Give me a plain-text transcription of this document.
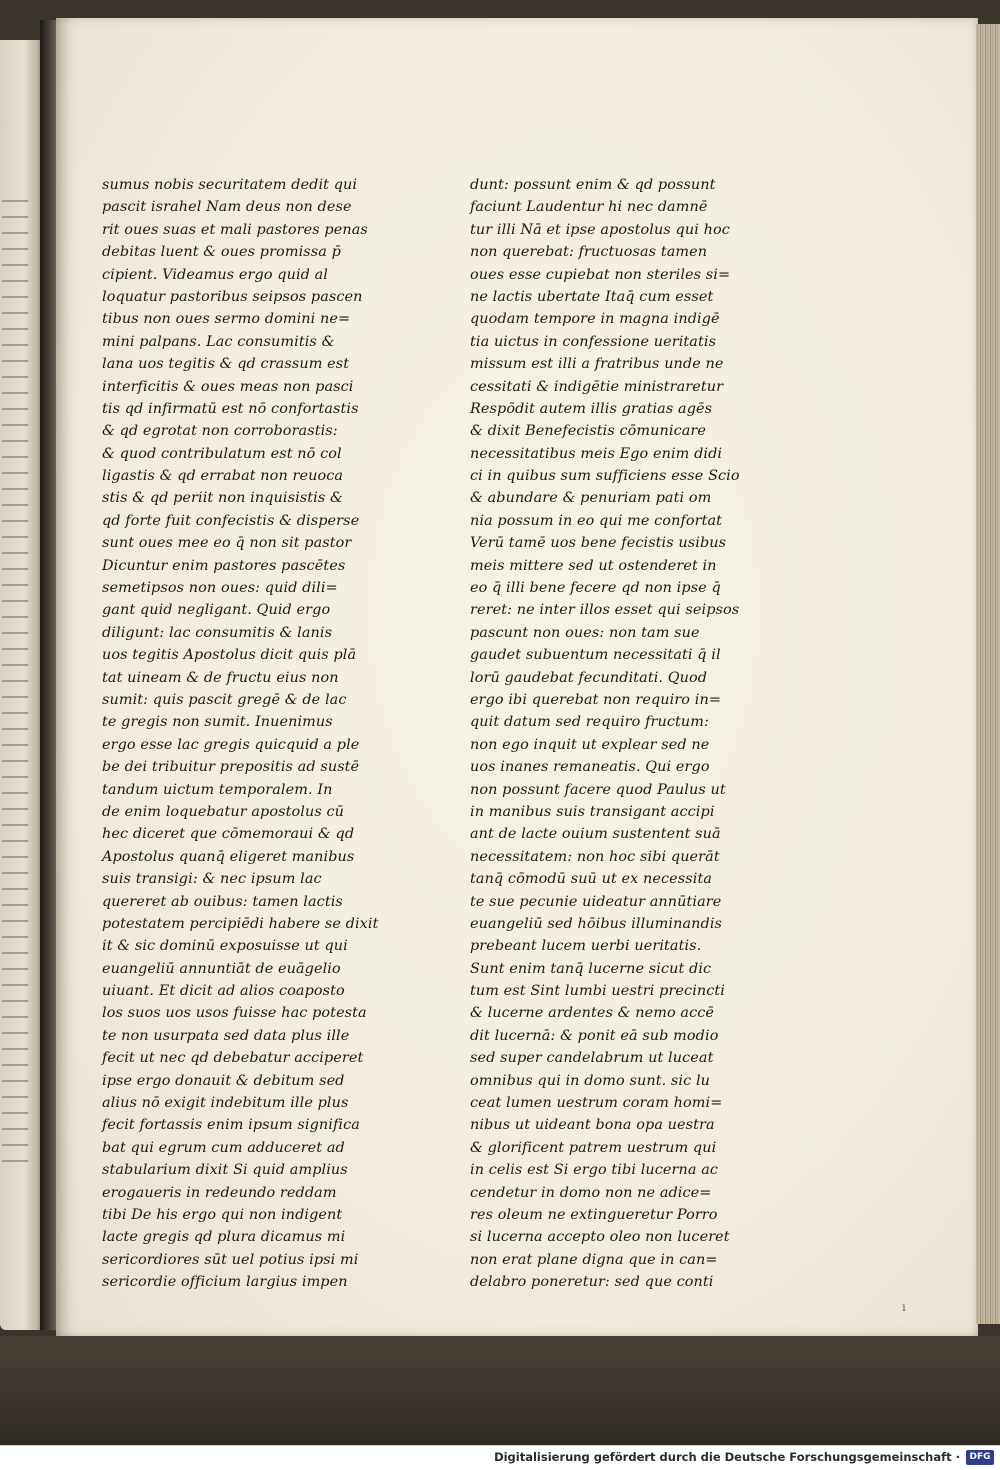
sumus nobis securitatem dedit qui
pascit israhel Nam deus non dese
rit oues suas et mali pastores penas
debitas luent & oues promissa p̄
cipient. Videamus ergo quid al
loquatur pastoribus seipsos pascen
tibus non oues sermo domini ne=
mini palpans. Lac consumitis &
lana uos tegitis & qd crassum est
interficitis & oues meas non pasci
tis qd infirmatū est nō confortastis
& qd egrotat non corroborastis:
& quod contribulatum est nō col
ligastis & qd errabat non reuoca
stis & qd periit non inquisistis &
qd forte fuit confecistis & disperse
sunt oues mee eo q̄ non sit pastor
Dicuntur enim pastores pascētes
semetipsos non oues: quid dili=
gant quid negligant. Quid ergo
diligunt: lac consumitis & lanis
uos tegitis Apostolus dicit quis plā
tat uineam & de fructu eius non
sumit: quis pascit gregē & de lac
te gregis non sumit. Inuenimus
ergo esse lac gregis quicquid a ple
be dei tribuitur prepositis ad sustē
tandum uictum temporalem. In
de enim loquebatur apostolus cū
hec diceret que cōmemoraui & qd
Apostolus quanq̄ eligeret manibus
suis transigi: & nec ipsum lac
quereret ab ouibus: tamen lactis
potestatem percipiēdi habere se dixit
it & sic dominū exposuisse ut qui
euangeliū annuntiāt de euāgelio
uiuant. Et dicit ad alios coaposto
los suos uos usos fuisse hac potesta
te non usurpata sed data plus ille
fecit ut nec qd debebatur acciperet
ipse ergo donauit & debitum sed
alius nō exigit indebitum ille plus
fecit fortassis enim ipsum significa
bat qui egrum cum adduceret ad
stabularium dixit Si quid amplius
erogaueris in redeundo reddam
tibi De his ergo qui non indigent
lacte gregis qd plura dicamus mi
sericordiores sūt uel potius ipsi mi
sericordie officium largius impen
dunt: possunt enim & qd possunt
faciunt Laudentur hi nec damnē
tur illi Nā et ipse apostolus qui hoc
non querebat: fructuosas tamen
oues esse cupiebat non steriles si=
ne lactis ubertate Itaq̄ cum esset
quodam tempore in magna indigē
tia uictus in confessione ueritatis
missum est illi a fratribus unde ne
cessitati & indigētie ministraretur
Respōdit autem illis gratias agēs
& dixit Benefecistis cōmunicare
necessitatibus meis Ego enim didi
ci in quibus sum sufficiens esse Scio
& abundare & penuriam pati om
nia possum in eo qui me confortat
Verū tamē uos bene fecistis usibus
meis mittere sed ut ostenderet in
eo q̄ illi bene fecere qd non ipse q̄
reret: ne inter illos esset qui seipsos
pascunt non oues: non tam sue
gaudet subuentum necessitati q̄ il
lorū gaudebat fecunditati. Quod
ergo ibi querebat non requiro in=
quit datum sed requiro fructum:
non ego inquit ut explear sed ne
uos inanes remaneatis. Qui ergo
non possunt facere quod Paulus ut
in manibus suis transigant accipi
ant de lacte ouium sustentent suā
necessitatem: non hoc sibi querāt
tanq̄ cōmodū suū ut ex necessita
te sue pecunie uideatur annūtiare
euangeliū sed hōibus illuminandis
prebeant lucem uerbi ueritatis.
Sunt enim tanq̄ lucerne sicut dic
tum est Sint lumbi uestri precincti
& lucerne ardentes & nemo accē
dit lucernā: & ponit eā sub modio
sed super candelabrum ut luceat
omnibus qui in domo sunt. sic lu
ceat lumen uestrum coram homi=
nibus ut uideant bona opa uestra
& glorificent patrem uestrum qui
in celis est Si ergo tibi lucerna ac
cendetur in domo non ne adice=
res oleum ne extingueretur Porro
si lucerna accepto oleo non luceret
non erat plane digna que in can=
delabro poneretur: sed que conti
ı
Digitalisierung gefördert durch die Deutsche Forschungsgemeinschaft ·	DFG
